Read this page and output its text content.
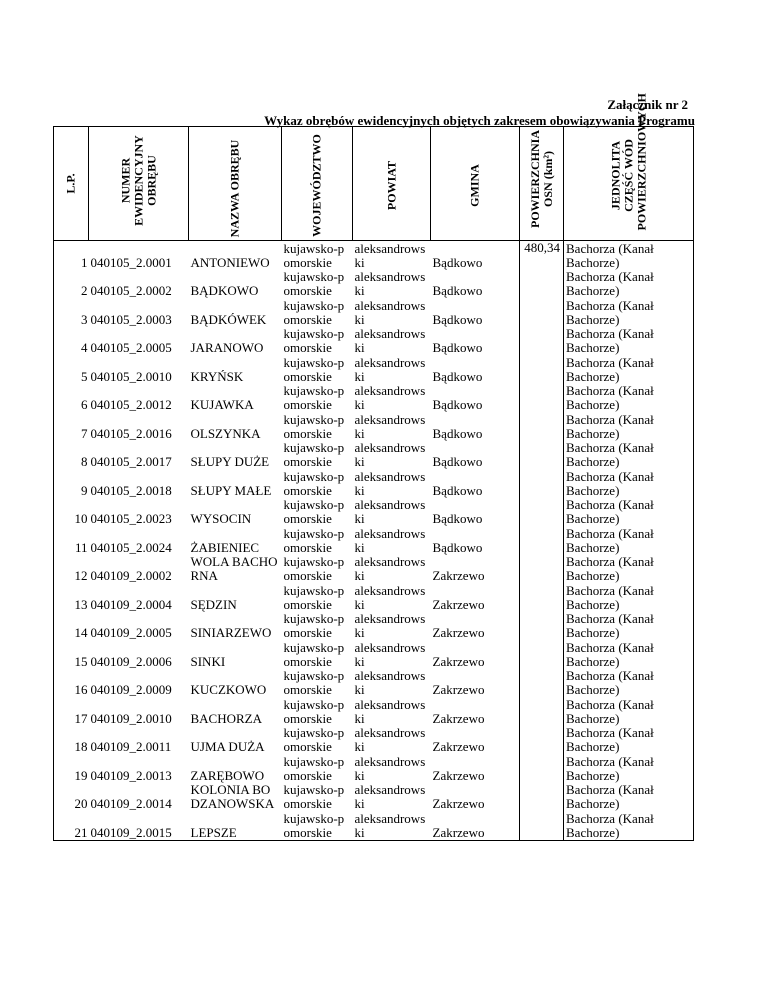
Załącznik nr 2
Wykaz obrębów ewidencyjnych objętych zakresem obowiązywania Programu
L.P.	NUMER EWIDENCYJNY OBRĘBU	NAZWA OBRĘBU	WOJEWÓDZTWO	POWIAT	GMINA	POWIERZCHNIA OSN (km²)	JEDNOLITA CZĘŚĆ WÓD POWIERZCHNIOWYCH

1	040105_2.0001	ANTONIEWO	kujawsko-pomorskie	aleksandrowski	Bądkowo	480,34	Bachorza (Kanał Bachorze)

2	040105_2.0002	BĄDKOWO	kujawsko-pomorskie	aleksandrowski	Bądkowo		Bachorza (Kanał Bachorze)

3	040105_2.0003	BĄDKÓWEK	kujawsko-pomorskie	aleksandrowski	Bądkowo		Bachorza (Kanał Bachorze)

4	040105_2.0005	JARANOWO	kujawsko-pomorskie	aleksandrowski	Bądkowo		Bachorza (Kanał Bachorze)

5	040105_2.0010	KRYŃSK	kujawsko-pomorskie	aleksandrowski	Bądkowo		Bachorza (Kanał Bachorze)

6	040105_2.0012	KUJAWKA	kujawsko-pomorskie	aleksandrowski	Bądkowo		Bachorza (Kanał Bachorze)

7	040105_2.0016	OLSZYNKA	kujawsko-pomorskie	aleksandrowski	Bądkowo		Bachorza (Kanał Bachorze)

8	040105_2.0017	SŁUPY DUŻE	kujawsko-pomorskie	aleksandrowski	Bądkowo		Bachorza (Kanał Bachorze)

9	040105_2.0018	SŁUPY MAŁE	kujawsko-pomorskie	aleksandrowski	Bądkowo		Bachorza (Kanał Bachorze)

10	040105_2.0023	WYSOCIN	kujawsko-pomorskie	aleksandrowski	Bądkowo		Bachorza (Kanał Bachorze)

11	040105_2.0024	ŻABIENIEC	kujawsko-pomorskie	aleksandrowski	Bądkowo		Bachorza (Kanał Bachorze)

12	040109_2.0002	WOLA BACHORNA	kujawsko-pomorskie	aleksandrowski	Zakrzewo		Bachorza (Kanał Bachorze)

13	040109_2.0004	SĘDZIN	kujawsko-pomorskie	aleksandrowski	Zakrzewo		Bachorza (Kanał Bachorze)

14	040109_2.0005	SINIARZEWO	kujawsko-pomorskie	aleksandrowski	Zakrzewo		Bachorza (Kanał Bachorze)

15	040109_2.0006	SINKI	kujawsko-pomorskie	aleksandrowski	Zakrzewo		Bachorza (Kanał Bachorze)

16	040109_2.0009	KUCZKOWO	kujawsko-pomorskie	aleksandrowski	Zakrzewo		Bachorza (Kanał Bachorze)

17	040109_2.0010	BACHORZA	kujawsko-pomorskie	aleksandrowski	Zakrzewo		Bachorza (Kanał Bachorze)

18	040109_2.0011	UJMA DUŻA	kujawsko-pomorskie	aleksandrowski	Zakrzewo		Bachorza (Kanał Bachorze)

19	040109_2.0013	ZARĘBOWO	kujawsko-pomorskie	aleksandrowski	Zakrzewo		Bachorza (Kanał Bachorze)

20	040109_2.0014	KOLONIA BODZANOWSKA	kujawsko-pomorskie	aleksandrowski	Zakrzewo		Bachorza (Kanał Bachorze)

21	040109_2.0015	LEPSZE	kujawsko-pomorskie	aleksandrowski	Zakrzewo		Bachorza (Kanał Bachorze)
